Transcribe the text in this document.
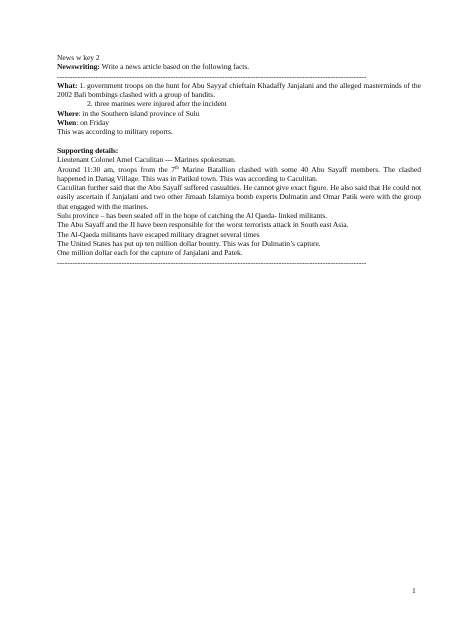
News w key 2
Newswriting: Write a news article based on the following facts.
------------------------------------------------------------------------------------------------------------------------
What: 1. government troops on the hunt for Abu Sayyaf chieftain Khadaffy Janjalani and the alleged masterminds of the 2002 Bali bombings clashed with a group of bandits.
2. three marines were injured after the incident
Where: in the Southern island province of Sulu
When: on Friday
This was according to military reports.
Supporting details:
Lieutenant Colonel Amel Caculitan --- Marines spokesman.
Around 11:30 am, troops from the 7th Marine Batallion clashed with some 40 Abu Sayaff members. The clashed happened in Danag Village. This was in Patikul town. This was according to Caculitan.
Caculitan further said that the Abu Sayaff suffered casualties. He cannot give exact figure. He also said that He could not easily ascertain if Janjalani and two other Jimaah Islamiya bomb experts Dulmatin and Omar Patik were with the group that engaged with the marines.
Sulu province – has been sealed off in the hope of catching the Al Qaeda- linked militants.
The Abu Sayaff and the JI have been responsible for the worst terrorists attack in South east Asia.
The Al-Qaeda militants have escaped military dragnet several times
The United States has put up ten million dollar bounty. This was for Dulmatin’s capture.
One million dollar each for the capture of Janjalani and Patek.
------------------------------------------------------------------------------------------------------------------------
1
